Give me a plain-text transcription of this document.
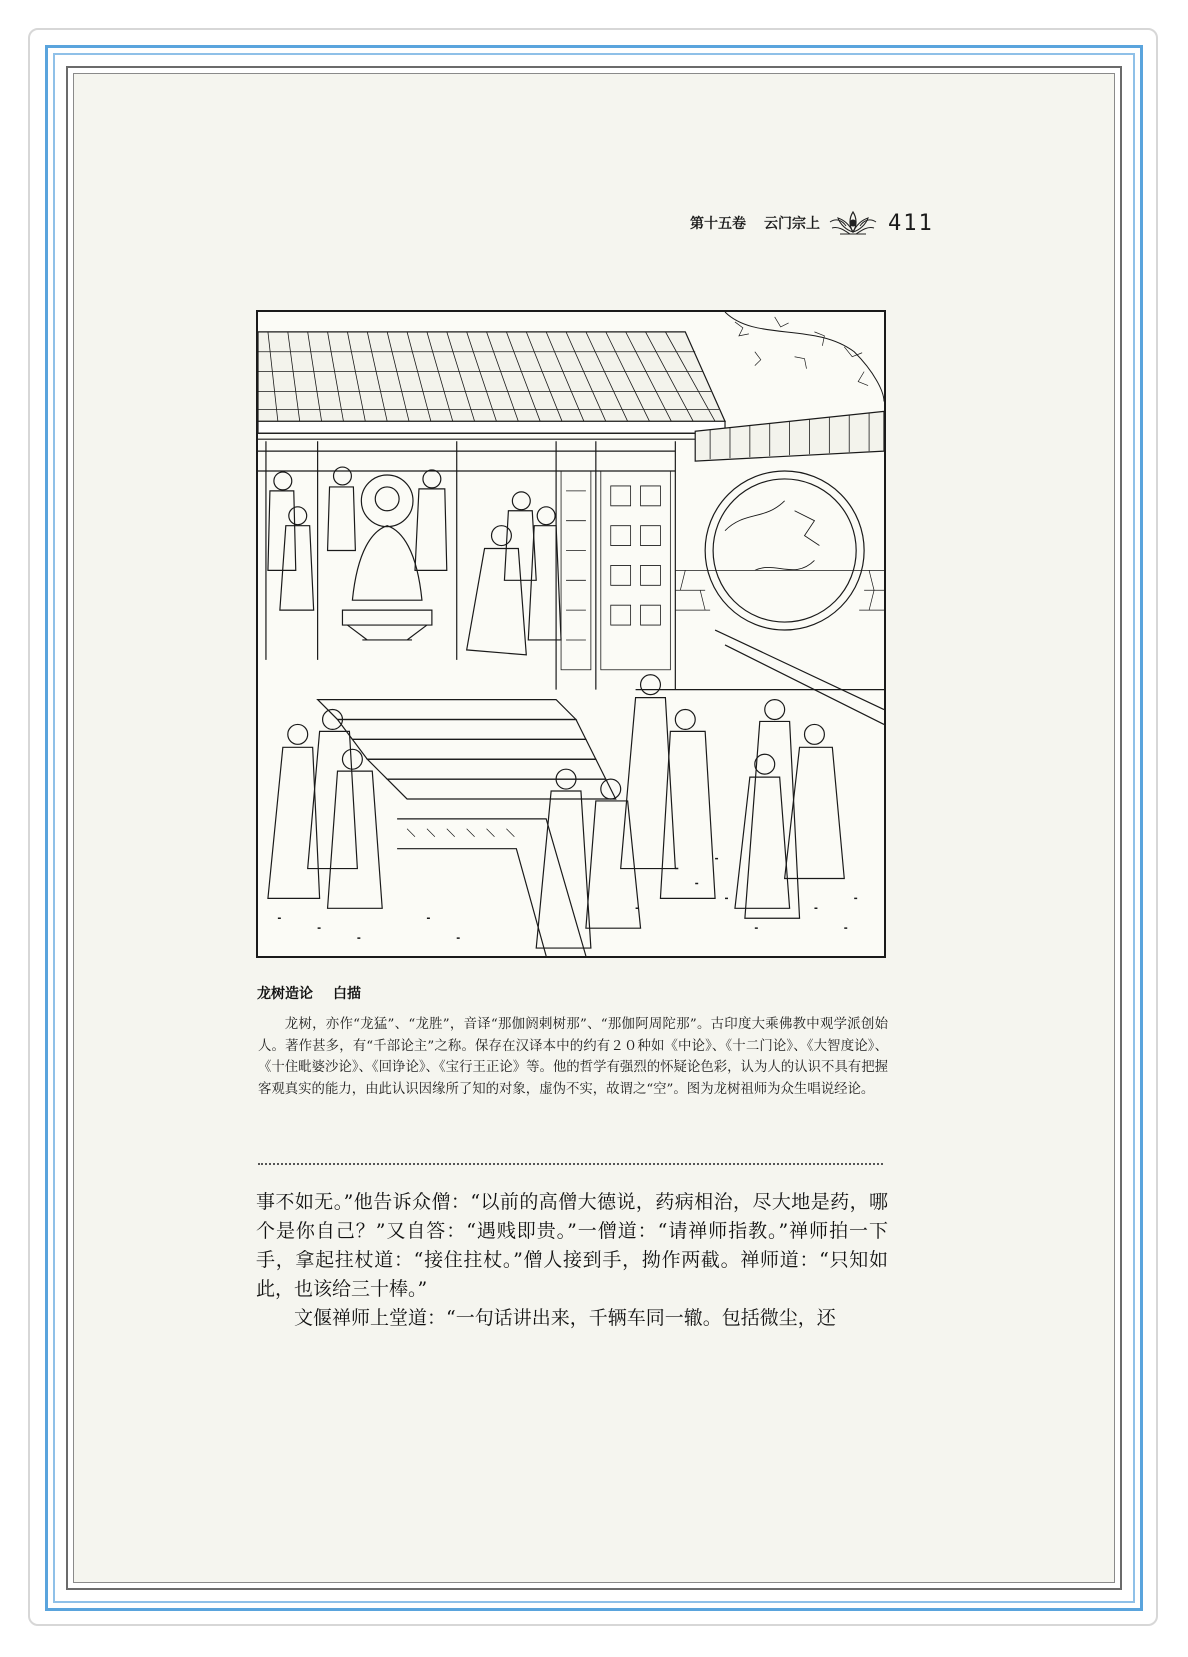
第十五卷 云门宗上	411
龙树造论 白描
龙树，亦作“龙猛”、“龙胜”，音译“那伽阏剌树那”、“那伽阿周陀那”。古印度大乘佛教中观学派创始人。著作甚多，有“千部论主”之称。保存在汉译本中的约有２０种如《中论》、《十二门论》、《大智度论》、《十住毗婆沙论》、《回诤论》、《宝行王正论》等。他的哲学有强烈的怀疑论色彩，认为人的认识不具有把握客观真实的能力，由此认识因缘所了知的对象，虚伪不实，故谓之“空”。图为龙树祖师为众生唱说经论。

事不如无。”他告诉众僧：“以前的高僧大德说，药病相治，尽大地是药，哪个是你自己？”又自答：“遇贱即贵。”一僧道：“请禅师指教。”禅师拍一下手，拿起拄杖道：“接住拄杖。”僧人接到手，拗作两截。禅师道：“只知如此，也该给三十棒。”

文偃禅师上堂道：“一句话讲出来，千辆车同一辙。包括微尘，还
